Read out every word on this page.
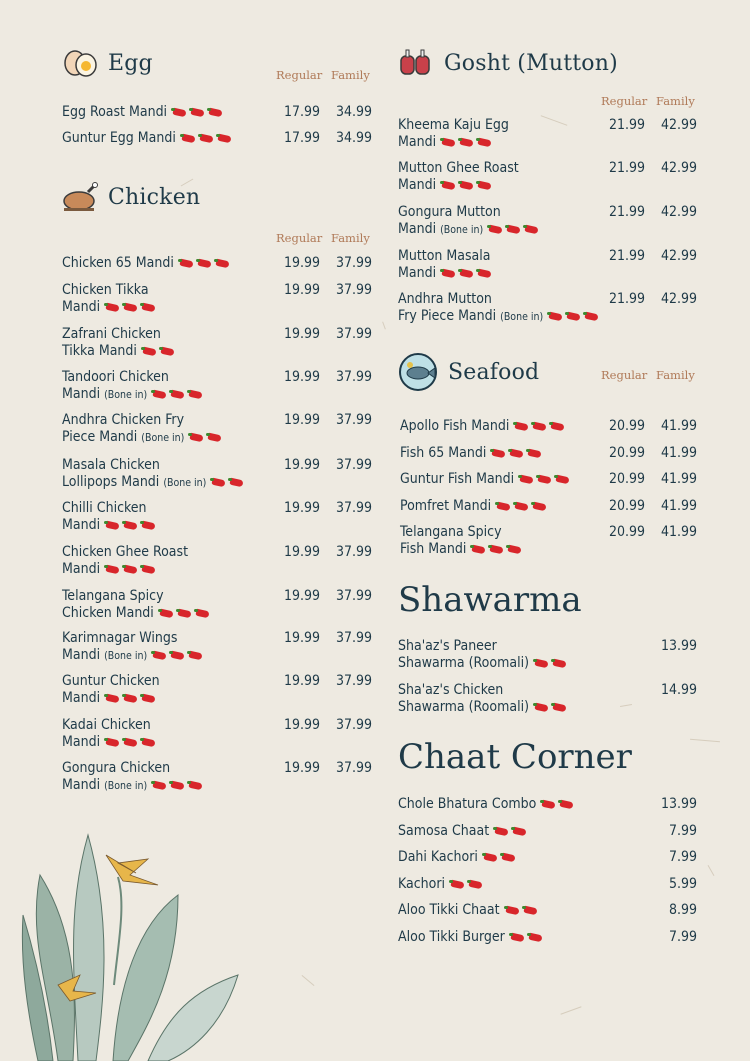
Egg	Regular Family
Chicken
Regular Family
Gosht (Mutton)
Regular Family
Seafood	Regular Family
Shawarma
Chaat Corner
Egg Roast Mandi	17.99	34.99
Guntur Egg Mandi	17.99	34.99
Chicken 65 Mandi	19.99	37.99
Chicken Tikka
Mandi
19.99	37.99
Zafrani Chicken
Tikka Mandi
19.99	37.99
Tandoori Chicken
Mandi (Bone in)
19.99	37.99
Andhra Chicken Fry
Piece Mandi (Bone in)
19.99	37.99
Masala Chicken
Lollipops Mandi (Bone in)
19.99	37.99
Chilli Chicken
Mandi
19.99	37.99
Chicken Ghee Roast
Mandi
19.99	37.99
Telangana Spicy
Chicken Mandi
19.99	37.99
Karimnagar Wings
Mandi (Bone in)
19.99	37.99
Guntur Chicken
Mandi
19.99	37.99
Kadai Chicken
Mandi
19.99	37.99
Gongura Chicken
Mandi (Bone in)
19.99	37.99
Kheema Kaju Egg
Mandi
21.99	42.99
Mutton Ghee Roast
Mandi
21.99	42.99
Gongura Mutton
Mandi (Bone in)
21.99	42.99
Mutton Masala
Mandi
21.99	42.99
Andhra Mutton
Fry Piece Mandi (Bone in)
21.99	42.99
Apollo Fish Mandi	20.99	41.99
Fish 65 Mandi	20.99	41.99
Guntur Fish Mandi	20.99	41.99
Pomfret Mandi	20.99	41.99
Telangana Spicy
Fish Mandi
20.99	41.99
Sha'az's Paneer
Shawarma (Roomali)
13.99
Sha'az's Chicken
Shawarma (Roomali)
14.99
Chole Bhatura Combo	13.99
Samosa Chaat	7.99
Dahi Kachori	7.99
Kachori	5.99
Aloo Tikki Chaat	8.99
Aloo Tikki Burger	7.99
